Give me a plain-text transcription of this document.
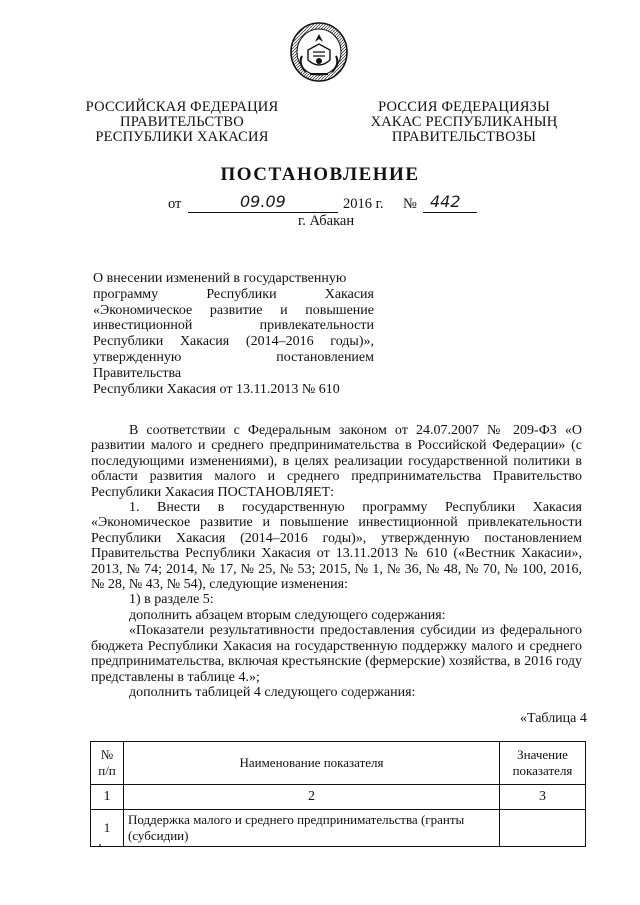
РОССИЙСКАЯ ФЕДЕРАЦИЯ
ПРАВИТЕЛЬСТВО
РЕСПУБЛИКИ ХАКАСИЯ
РОССИЯ ФЕДЕРАЦИЯЗЫ
ХАКАС РЕСПУБЛИКАНЫҢ
ПРАВИТЕЛЬСТВОЗЫ
ПОСТАНОВЛЕНИЕ
от	09.09	2016 г. № 442
г. Абакан

О внесении изменений в государственную

программу Республики Хакасия

«Экономическое развитие и повышение

инвестиционной привлекательности

Республики Хакасия (2014–2016 годы)»,

утвержденную постановлением Правительства

Республики Хакасия от 13.11.2013 № 610

В соответствии с Федеральным законом от 24.07.2007 № 209-ФЗ «О развитии малого и среднего предпринимательства в Российской Федерации» (с последующими изменениями), в целях реализации государственной политики в области развития малого и среднего предпринимательства Правительство Республики Хакасия ПОСТАНОВЛЯЕТ:

1. Внести в государственную программу Республики Хакасия «Экономическое развитие и повышение инвестиционной привлекательности Республики Хакасия (2014–2016 годы)», утвержденную постановлением Правительства Республики Хакасия от 13.11.2013 № 610 («Вестник Хакасии», 2013, № 74; 2014, № 17, № 25, № 53; 2015, № 1, № 36, № 48, № 70, № 100, 2016, № 28, № 43, № 54), следующие изменения:

1) в разделе 5:

дополнить абзацем вторым следующего содержания:

«Показатели результативности предоставления субсидии из федерального бюджета Республики Хакасия на государственную поддержку малого и среднего предпринимательства, включая крестьянские (фермерские) хозяйства, в 2016 году представлены в таблице 4.»;

дополнить таблицей 4 следующего содержания:

«Таблица 4
№ п/п	Наименование показателя	Значение показателя
1	2	3
1	Поддержка малого и среднего предпринимательства (гранты (субсидии)	
